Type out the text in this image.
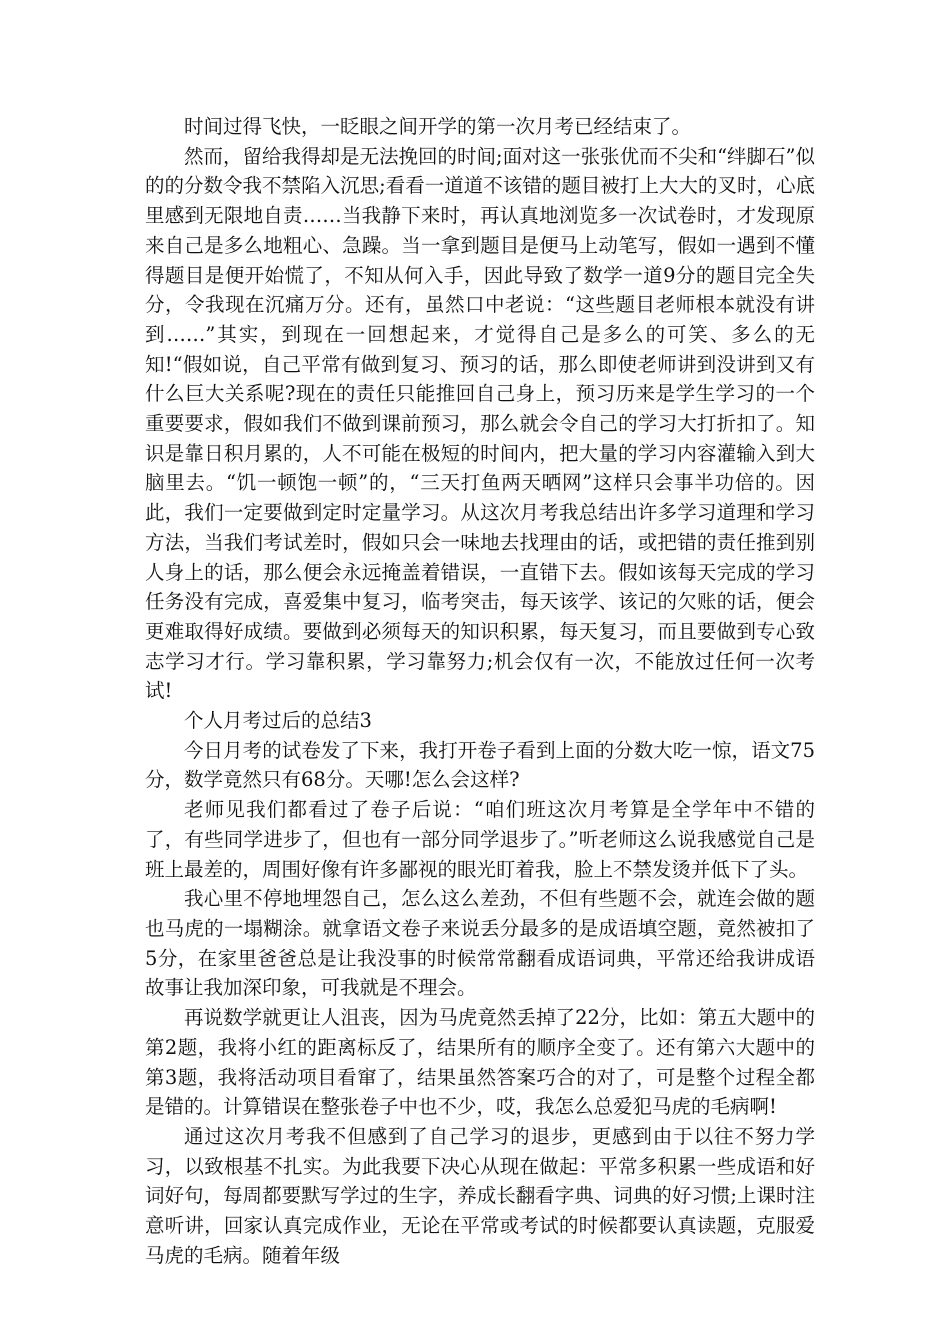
时间过得飞快，一眨眼之间开学的第一次月考已经结束了。

然而，留给我得却是无法挽回的时间;面对这一张张优而不尖和“绊脚石”似的的分数令我不禁陷入沉思;看看一道道不该错的题目被打上大大的叉时，心底里感到无限地自责……当我静下来时，再认真地浏览多一次试卷时，才发现原来自己是多么地粗心、急躁。当一拿到题目是便马上动笔写，假如一遇到不懂得题目是便开始慌了，不知从何入手，因此导致了数学一道9分的题目完全失分，令我现在沉痛万分。还有，虽然口中老说：“这些题目老师根本就没有讲到……”其实，到现在一回想起来，才觉得自己是多么的可笑、多么的无知!“假如说，自己平常有做到复习、预习的话，那么即使老师讲到没讲到又有什么巨大关系呢?现在的责任只能推回自己身上，预习历来是学生学习的一个重要要求，假如我们不做到课前预习，那么就会令自己的学习大打折扣了。知识是靠日积月累的，人不可能在极短的时间内，把大量的学习内容灌输入到大脑里去。“饥一顿饱一顿”的，“三天打鱼两天晒网”这样只会事半功倍的。因此，我们一定要做到定时定量学习。从这次月考我总结出许多学习道理和学习方法，当我们考试差时，假如只会一味地去找理由的话，或把错的责任推到别人身上的话，那么便会永远掩盖着错误，一直错下去。假如该每天完成的学习任务没有完成，喜爱集中复习，临考突击，每天该学、该记的欠账的话，便会更难取得好成绩。要做到必须每天的知识积累，每天复习，而且要做到专心致志学习才行。学习靠积累，学习靠努力;机会仅有一次，不能放过任何一次考试!

个人月考过后的总结3

今日月考的试卷发了下来，我打开卷子看到上面的分数大吃一惊，语文75分，数学竟然只有68分。天哪!怎么会这样?

老师见我们都看过了卷子后说：“咱们班这次月考算是全学年中不错的了，有些同学进步了，但也有一部分同学退步了。”听老师这么说我感觉自己是班上最差的，周围好像有许多鄙视的眼光盯着我，脸上不禁发烫并低下了头。

我心里不停地埋怨自己，怎么这么差劲，不但有些题不会，就连会做的题也马虎的一塌糊涂。就拿语文卷子来说丢分最多的是成语填空题，竟然被扣了5分，在家里爸爸总是让我没事的时候常常翻看成语词典，平常还给我讲成语故事让我加深印象，可我就是不理会。

再说数学就更让人沮丧，因为马虎竟然丢掉了22分，比如：第五大题中的第2题，我将小红的距离标反了，结果所有的顺序全变了。还有第六大题中的第3题，我将活动项目看窜了，结果虽然答案巧合的对了，可是整个过程全都是错的。计算错误在整张卷子中也不少，哎，我怎么总爱犯马虎的毛病啊!

通过这次月考我不但感到了自己学习的退步，更感到由于以往不努力学习，以致根基不扎实。为此我要下决心从现在做起：平常多积累一些成语和好词好句，每周都要默写学过的生字，养成长翻看字典、词典的好习惯;上课时注意听讲，回家认真完成作业，无论在平常或考试的时候都要认真读题，克服爱马虎的毛病。随着年级
